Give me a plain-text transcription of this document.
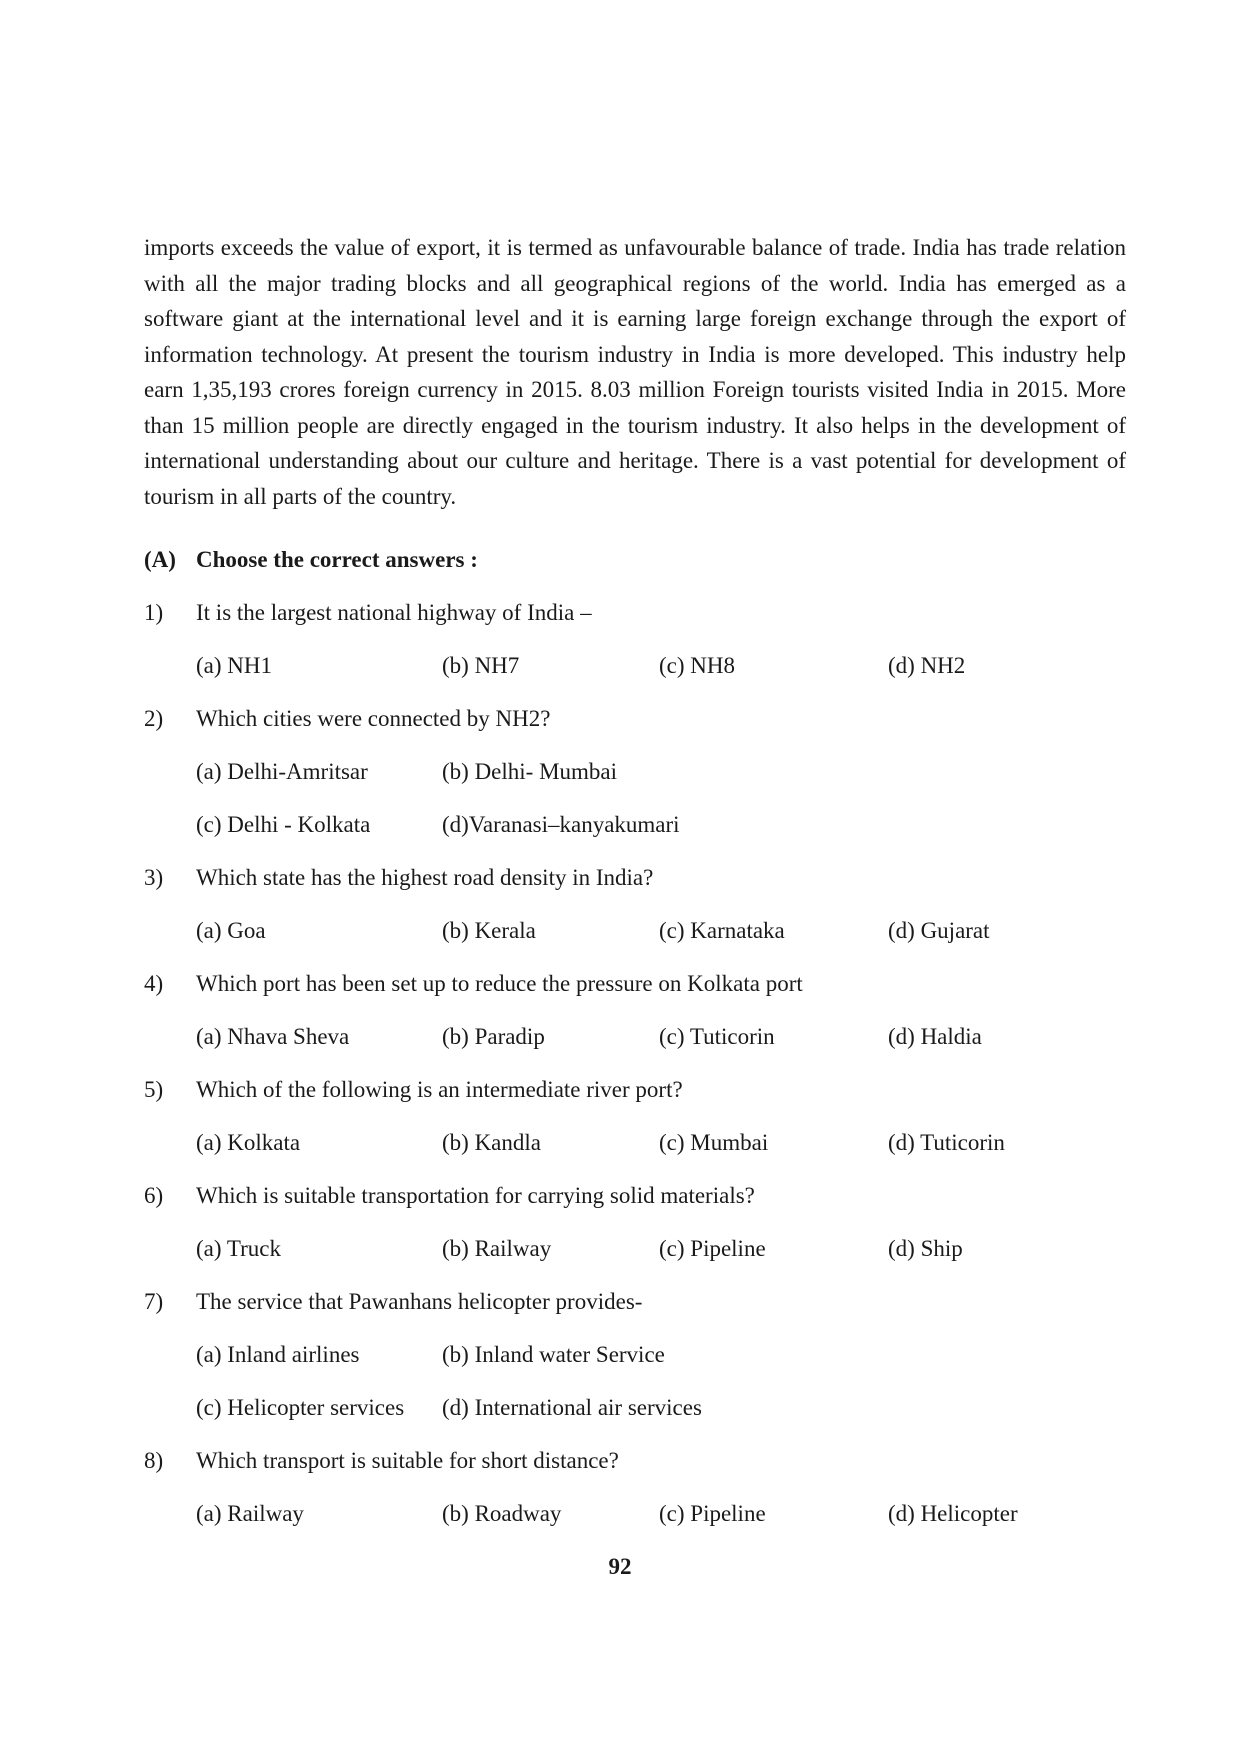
imports exceeds the value of export, it is termed as unfavourable balance of trade. India has trade relation with all the major trading blocks and all geographical regions of the world. India has emerged as a software giant at the international level and it is earning large foreign exchange through the export of information technology. At present the tourism industry in India is more developed. This industry help earn 1,35,193 crores foreign currency in 2015. 8.03 million Foreign tourists visited India in 2015. More than 15 million people are directly engaged in the tourism industry. It also helps in the development of international understanding about our culture and heritage. There is a vast potential for development of tourism in all parts of the country.

(A) Choose the correct answers :
1)	It is the largest national highway of India –
(a) NH1	(b) NH7	(c) NH8	(d) NH2
2)	Which cities were connected by NH2?
(a) Delhi-Amritsar	(b) Delhi- Mumbai
(c) Delhi - Kolkata	(d)Varanasi–kanyakumari
3)	Which state has the highest road density in India?
(a) Goa	(b) Kerala	(c) Karnataka	(d) Gujarat
4)	Which port has been set up to reduce the pressure on Kolkata port
(a) Nhava Sheva	(b) Paradip	(c) Tuticorin	(d) Haldia
5)	Which of the following is an intermediate river port?
(a) Kolkata	(b) Kandla	(c) Mumbai	(d) Tuticorin
6)	Which is suitable transportation for carrying solid materials?
(a) Truck	(b) Railway	(c) Pipeline	(d) Ship
7)	The service that Pawanhans helicopter provides-
(a) Inland airlines	(b) Inland water Service
(c) Helicopter services	(d) International air services
8)	Which transport is suitable for short distance?
(a) Railway	(b) Roadway	(c) Pipeline	(d) Helicopter
92
